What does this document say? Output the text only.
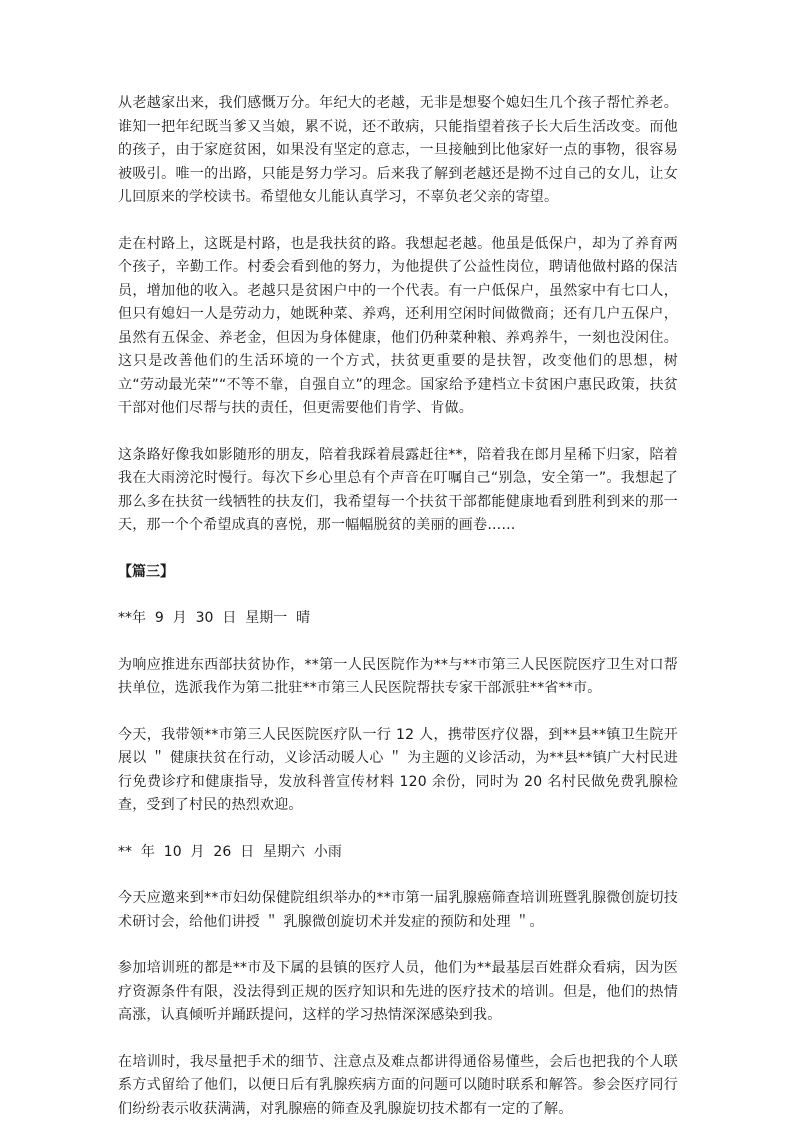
从老越家出来，我们感慨万分。年纪大的老越，无非是想娶个媳妇生几个孩子帮忙养老。谁知一把年纪既当爹又当娘，累不说，还不敢病，只能指望着孩子长大后生活改变。而他的孩子，由于家庭贫困，如果没有坚定的意志，一旦接触到比他家好一点的事物，很容易被吸引。唯一的出路，只能是努力学习。后来我了解到老越还是拗不过自己的女儿，让女儿回原来的学校读书。希望他女儿能认真学习，不辜负老父亲的寄望。

走在村路上，这既是村路，也是我扶贫的路。我想起老越。他虽是低保户，却为了养育两个孩子，辛勤工作。村委会看到他的努力，为他提供了公益性岗位，聘请他做村路的保洁员，增加他的收入。老越只是贫困户中的一个代表。有一户低保户，虽然家中有七口人，但只有媳妇一人是劳动力，她既种菜、养鸡，还利用空闲时间做微商；还有几户五保户，虽然有五保金、养老金，但因为身体健康，他们仍种菜种粮、养鸡养牛，一刻也没闲住。这只是改善他们的生活环境的一个方式，扶贫更重要的是扶智，改变他们的思想，树立“劳动最光荣”“不等不靠，自强自立”的理念。国家给予建档立卡贫困户惠民政策，扶贫干部对他们尽帮与扶的责任，但更需要他们肯学、肯做。

这条路好像我如影随形的朋友，陪着我踩着晨露赶往**，陪着我在郎月星稀下归家，陪着我在大雨滂沱时慢行。每次下乡心里总有个声音在叮嘱自己“别急，安全第一”。我想起了那么多在扶贫一线牺牲的扶友们，我希望每一个扶贫干部都能健康地看到胜利到来的那一天，那一个个希望成真的喜悦，那一幅幅脱贫的美丽的画卷……

【篇三】

**年  9  月  30  日  星期一  晴

为响应推进东西部扶贫协作，**第一人民医院作为**与**市第三人民医院医疗卫生对口帮扶单位，选派我作为第二批驻**市第三人民医院帮扶专家干部派驻**省**市。

今天，我带领**市第三人民医院医疗队一行 12 人，携带医疗仪器，到**县**镇卫生院开展以 ＂ 健康扶贫在行动，义诊活动暖人心 ＂ 为主题的义诊活动，为**县**镇广大村民进行免费诊疗和健康指导，发放科普宣传材料 120 余份，同时为 20 名村民做免费乳腺检查，受到了村民的热烈欢迎。

**  年  10  月  26  日  星期六  小雨

今天应邀来到**市妇幼保健院组织举办的**市第一届乳腺癌筛查培训班暨乳腺微创旋切技术研讨会，给他们讲授 ＂ 乳腺微创旋切术并发症的预防和处理 ＂。

参加培训班的都是**市及下属的县镇的医疗人员，他们为**最基层百姓群众看病，因为医疗资源条件有限，没法得到正规的医疗知识和先进的医疗技术的培训。但是，他们的热情高涨，认真倾听并踊跃提问，这样的学习热情深深感染到我。

在培训时，我尽量把手术的细节、注意点及难点都讲得通俗易懂些，会后也把我的个人联系方式留给了他们，以便日后有乳腺疾病方面的问题可以随时联系和解答。参会医疗同行们纷纷表示收获满满，对乳腺癌的筛查及乳腺旋切技术都有一定的了解。
